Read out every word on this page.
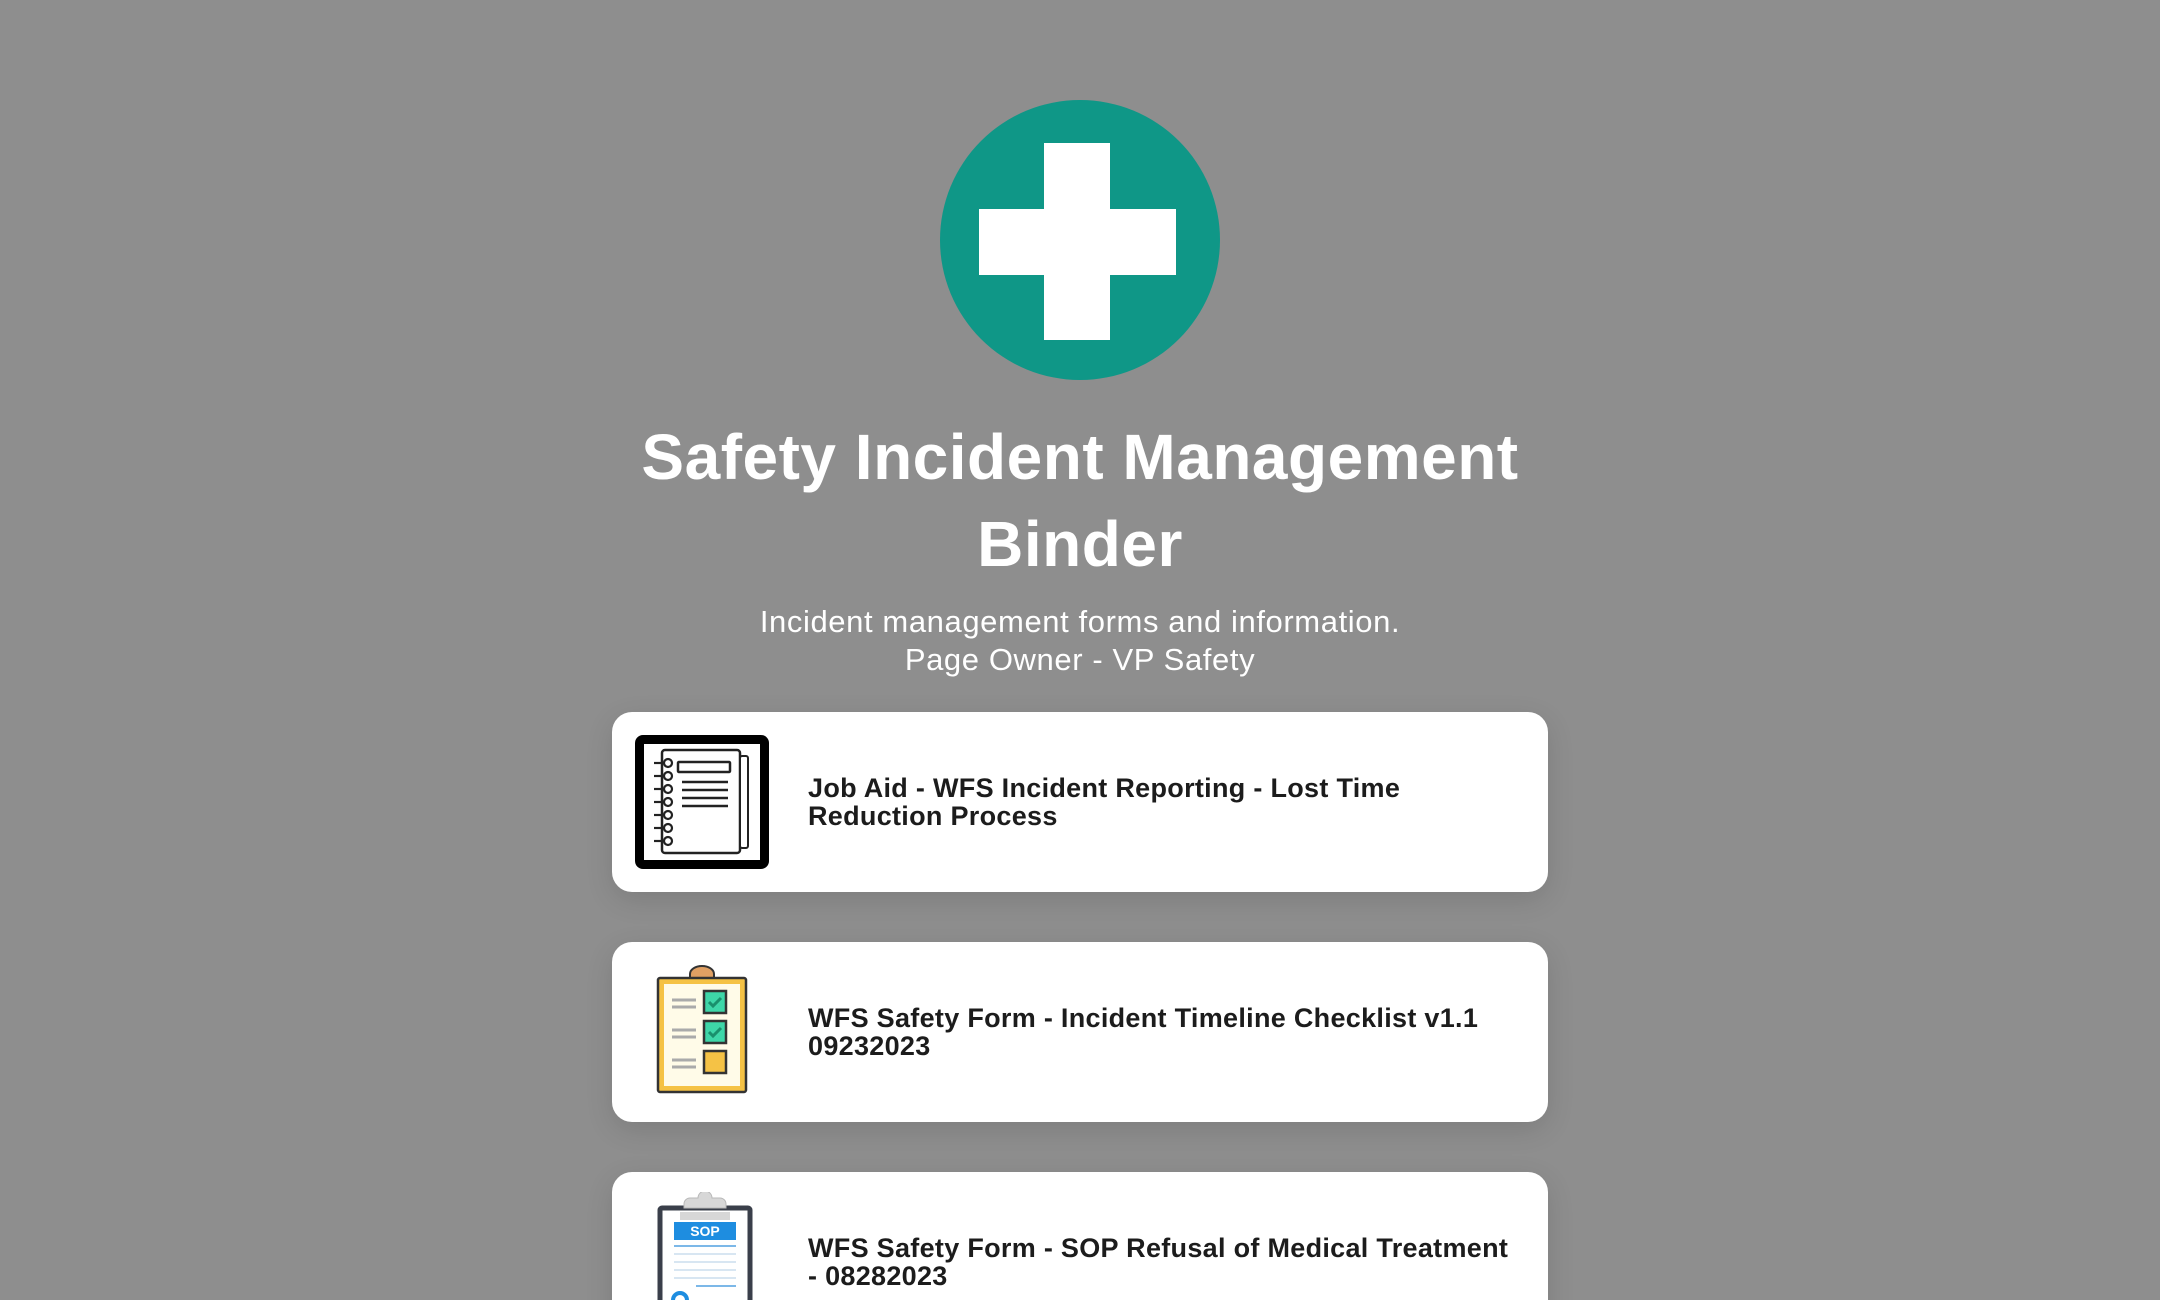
Safety Incident Management Binder
Incident management forms and information.
Page Owner - VP Safety
Job Aid - WFS Incident Reporting - Lost Time Reduction Process
WFS Safety Form - Incident Timeline Checklist v1.1 09232023
SOP
WFS Safety Form - SOP Refusal of Medical Treatment - 08282023
